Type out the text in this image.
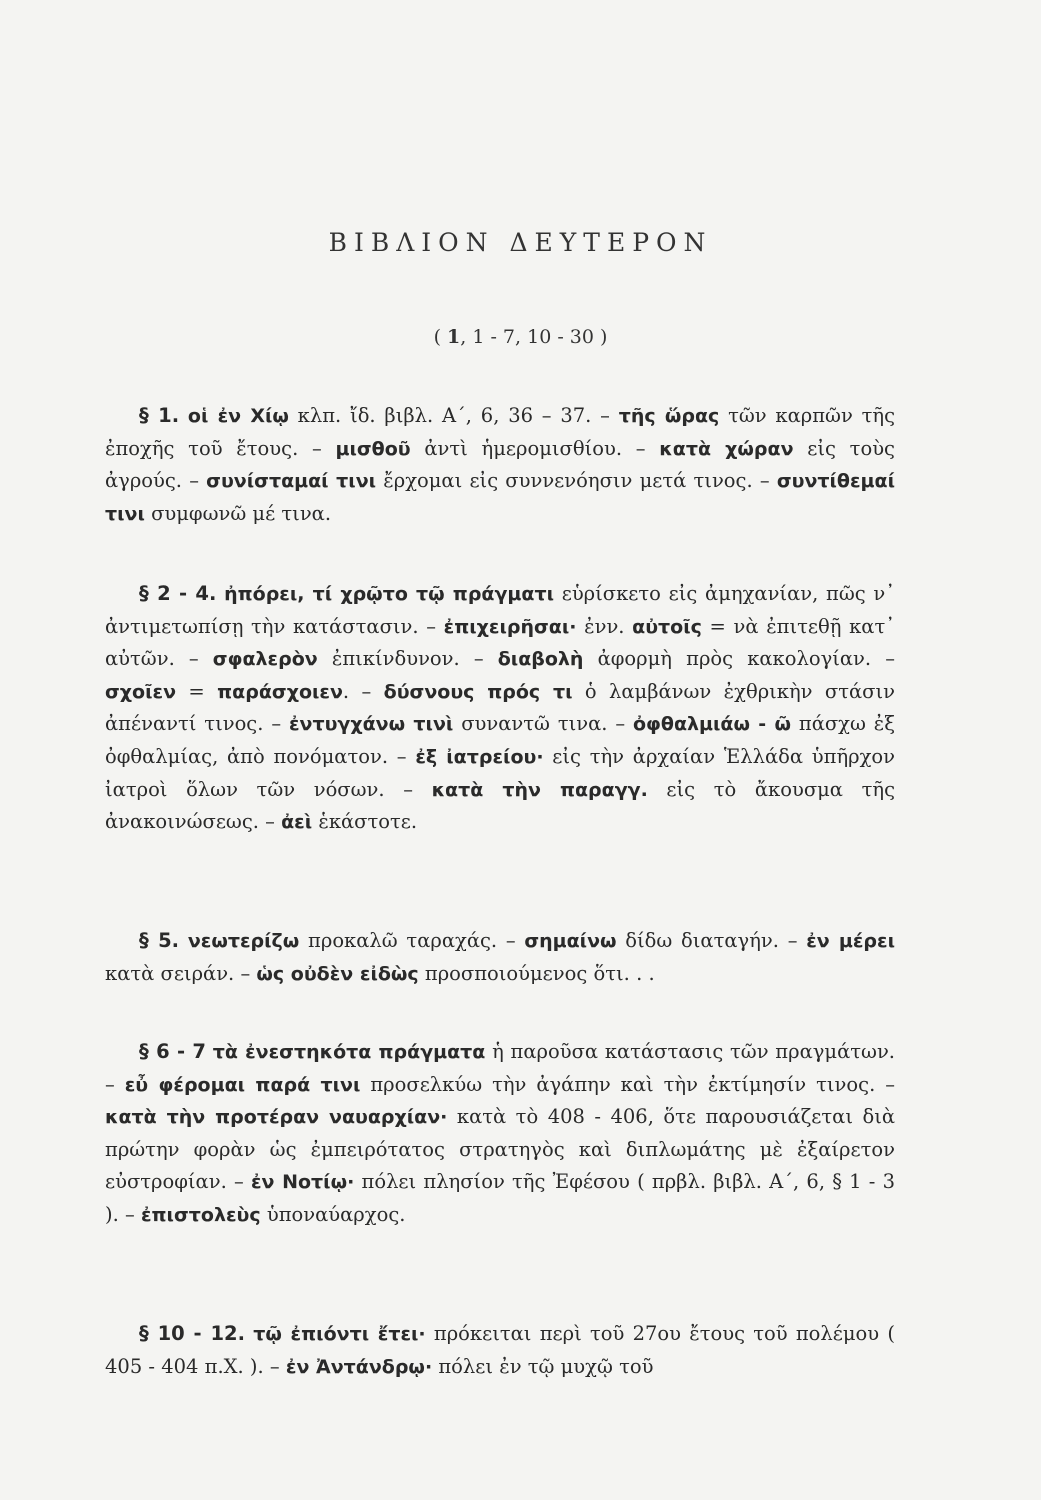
ΒΙΒΛΙΟΝ ΔΕΥΤΕΡΟΝ
( 1, 1 - 7, 10 - 30 )

§ 1. οἱ ἐν Χίῳ κλπ. ἴδ. βιβλ. Α΄, 6, 36 – 37. – τῆς ὥρας τῶν καρπῶν τῆς ἐποχῆς τοῦ ἔτους. – μισθοῦ ἀντὶ ἡμερομισθίου. – κατὰ χώραν εἰς τοὺς ἀγρούς. – συνίσταμαί τινι ἔρχομαι εἰς συννενόησιν μετά τινος. – συντίθεμαί τινι συμφωνῶ μέ τινα.

§ 2 - 4. ἠπόρει, τί χρῷτο τῷ πράγματι εὑρίσκετο εἰς ἀμηχανίαν, πῶς ν᾽ ἀντιμετωπίσῃ τὴν κατάστασιν. – ἐπιχειρῆσαι· ἐνν. αὐτοῖς = νὰ ἐπιτεθῇ κατ᾽ αὐτῶν. – σφαλερὸν ἐπικίνδυνον. – διαβολὴ ἀφορμὴ πρὸς κακολογίαν. – σχοῖεν = παράσχοιεν. – δύσνους πρός τι ὁ λαμβάνων ἐχθρικὴν στάσιν ἀπέναντί τινος. – ἐντυγχάνω τινὶ συναντῶ τινα. – ὀφθαλμιάω - ῶ πάσχω ἐξ ὀφθαλμίας, ἀπὸ πονόματον. – ἐξ ἰατρείου· εἰς τὴν ἀρχαίαν Ἑλλάδα ὑπῆρχον ἰατροὶ ὅλων τῶν νόσων. – κατὰ τὴν παραγγ. εἰς τὸ ἄκουσμα τῆς ἀνακοινώσεως. – ἀεὶ ἑκάστοτε.

§ 5. νεωτερίζω προκαλῶ ταραχάς. – σημαίνω δίδω διαταγήν. – ἐν μέρει κατὰ σειράν. – ὡς οὐδὲν εἰδὼς προσποιούμενος ὅτι. . .

§ 6 - 7 τὰ ἐνεστηκότα πράγματα ἡ παροῦσα κατάστασις τῶν πραγμάτων. – εὖ φέρομαι παρά τινι προσελκύω τὴν ἀγάπην καὶ τὴν ἐκτίμησίν τινος. – κατὰ τὴν προτέραν ναυαρχίαν· κατὰ τὸ 408 - 406, ὅτε παρουσιάζεται διὰ πρώτην φορὰν ὡς ἐμπειρότατος στρατηγὸς καὶ διπλωμάτης μὲ ἐξαίρετον εὐστροφίαν. – ἐν Νοτίῳ· πόλει πλησίον τῆς Ἐφέσου ( πρβλ. βιβλ. Α΄, 6, § 1 - 3 ). – ἐπιστολεὺς ὑποναύαρχος.

§ 10 - 12. τῷ ἐπιόντι ἔτει· πρόκειται περὶ τοῦ 27ου ἔτους τοῦ πολέμου ( 405 - 404 π.Χ. ). – ἐν Ἀντάνδρῳ· πόλει ἐν τῷ μυχῷ τοῦ
